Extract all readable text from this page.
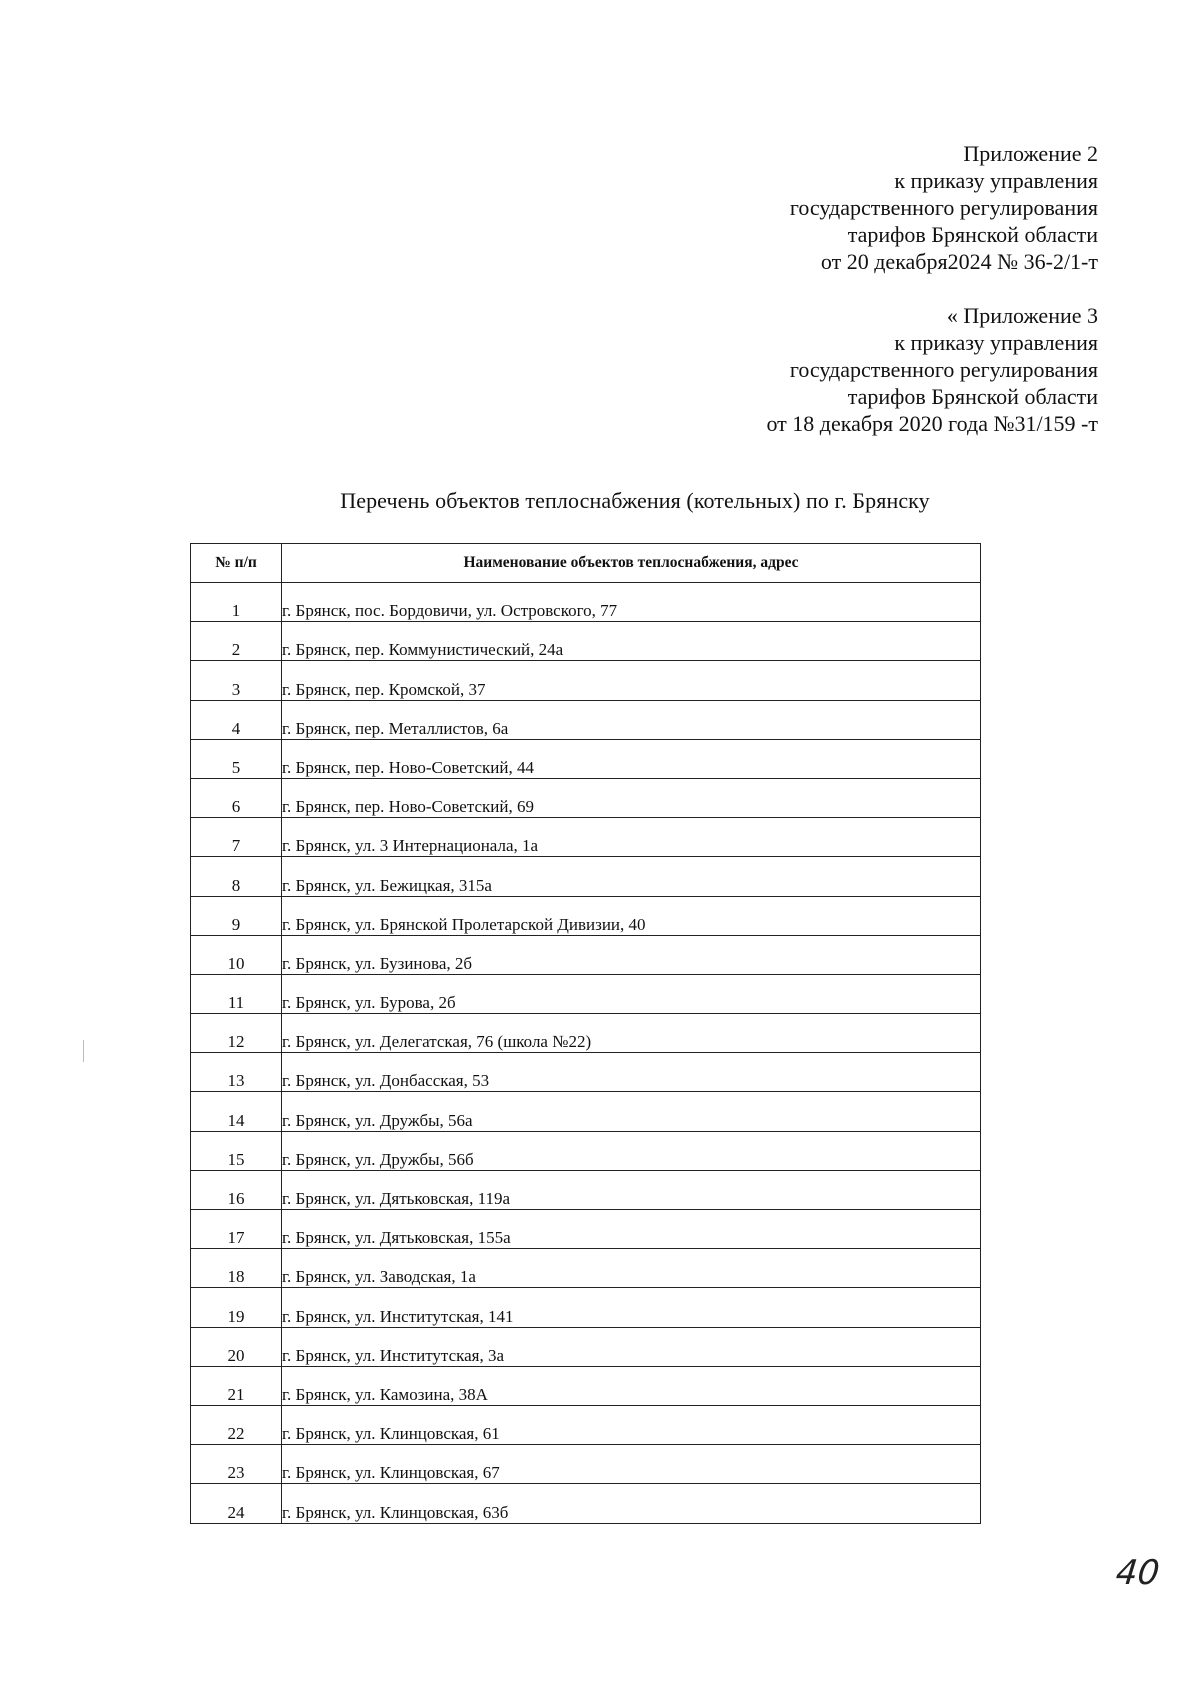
Приложение 2
к приказу управления
государственного регулирования
тарифов Брянской области
от 20 декабря2024 № 36-2/1-т
« Приложение 3
к приказу управления
государственного регулирования
тарифов Брянской области
от 18 декабря 2020 года №31/159 -т
Перечень объектов теплоснабжения (котельных) по г. Брянску
№ п/п	Наименование объектов теплоснабжения, адрес
1	г. Брянск, пос. Бордовичи, ул. Островского, 77
2	г. Брянск, пер. Коммунистический, 24а
3	г. Брянск, пер. Кромской, 37
4	г. Брянск, пер. Металлистов, 6а
5	г. Брянск, пер. Ново-Советский, 44
6	г. Брянск, пер. Ново-Советский, 69
7	г. Брянск, ул. 3 Интернационала, 1а
8	г. Брянск, ул. Бежицкая, 315а
9	г. Брянск, ул. Брянской Пролетарской Дивизии, 40
10	г. Брянск, ул. Бузинова, 2б
11	г. Брянск, ул. Бурова, 2б
12	г. Брянск, ул. Делегатская, 76 (школа №22)
13	г. Брянск, ул. Донбасская, 53
14	г. Брянск, ул. Дружбы, 56а
15	г. Брянск, ул. Дружбы, 56б
16	г. Брянск, ул. Дятьковская, 119а
17	г. Брянск, ул. Дятьковская, 155а
18	г. Брянск, ул. Заводская, 1а
19	г. Брянск, ул. Институтская, 141
20	г. Брянск, ул. Институтская, 3а
21	г. Брянск, ул. Камозина, 38А
22	г. Брянск, ул. Клинцовская, 61
23	г. Брянск, ул. Клинцовская, 67
24	г. Брянск, ул. Клинцовская, 63б
40
